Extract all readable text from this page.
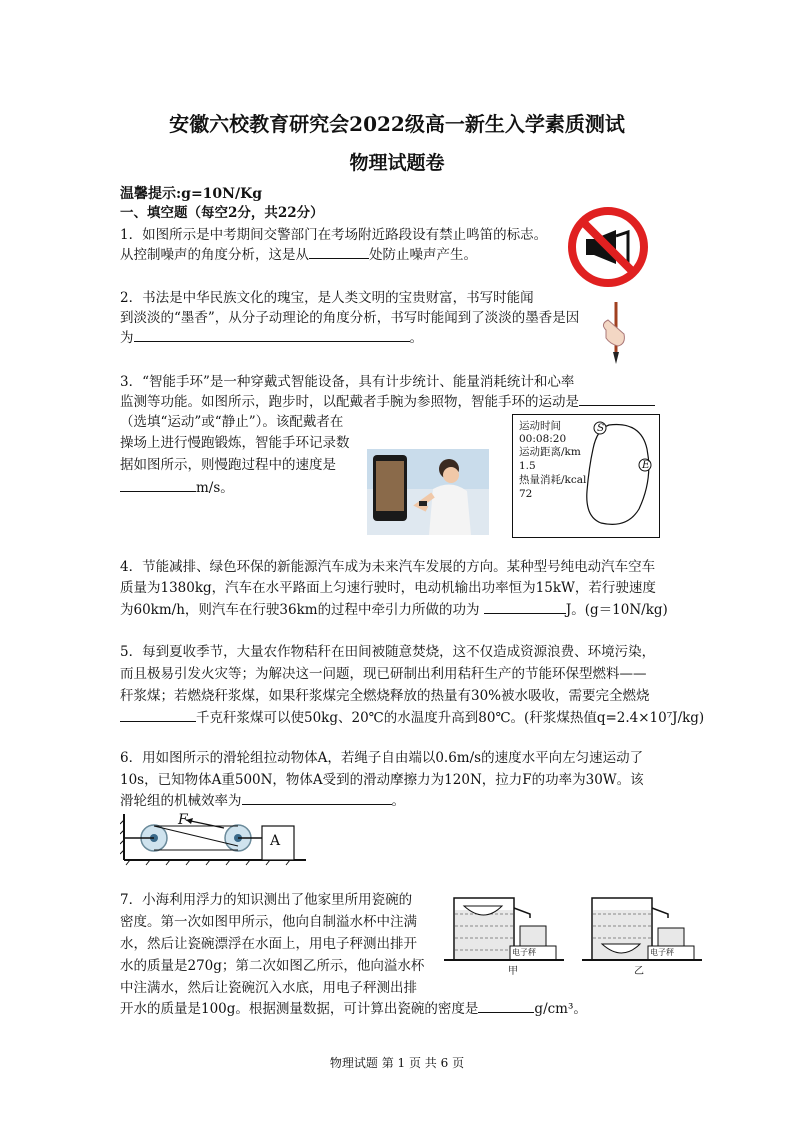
安徽六校教育研究会2022级高一新生入学素质测试
物理试题卷
温馨提示:g=10N/Kg
一、填空题（每空2分，共22分）
1．如图所示是中考期间交警部门在考场附近路段设有禁止鸣笛的标志。
从控制噪声的角度分析，这是从	处防止噪声产生。
2．书法是中华民族文化的瑰宝，是人类文明的宝贵财富，书写时能闻
到淡淡的“墨香”，从分子动理论的角度分析，书写时能闻到了淡淡的墨香是因
为	。
3．“智能手环”是一种穿戴式智能设备，具有计步统计、能量消耗统计和心率
监测等功能。如图所示，跑步时，以配戴者手腕为参照物，智能手环的运动是
（选填“运动”或“静止”）。该配戴者在
操场上进行慢跑锻炼，智能手环记录数
据如图所示，则慢跑过程中的速度是
m/s。
运动时间
00:08:20
运动距离/km
1.5
热量消耗/kcal
72
S
E
4．节能减排、绿色环保的新能源汽车成为未来汽车发展的方向。某种型号纯电动汽车空车
质量为1380kg，汽车在水平路面上匀速行驶时，电动机输出功率恒为15kW，若行驶速度
为60km/h，则汽车在行驶36km的过程中牵引力所做的功为	J。(g＝10N/kg)
5．每到夏收季节，大量农作物秸秆在田间被随意焚烧，这不仅造成资源浪费、环境污染，
而且极易引发火灾等；为解决这一问题，现已研制出利用秸秆生产的节能环保型燃料——
秆浆煤；若燃烧秆浆煤，如果秆浆煤完全燃烧释放的热量有30%被水吸收，需要完全燃烧
千克秆浆煤可以使50kg、20℃的水温度升高到80℃。(秆浆煤热值q=2.4×10⁷J/kg)
6．用如图所示的滑轮组拉动物体A，若绳子自由端以0.6m/s的速度水平向左匀速运动了
10s，已知物体A重500N，物体A受到的滑动摩擦力为120N，拉力F的功率为30W。该
滑轮组的机械效率为	。
F
A
7．小海利用浮力的知识测出了他家里所用瓷碗的
密度。第一次如图甲所示，他向自制溢水杯中注满
水，然后让瓷碗漂浮在水面上，用电子秤测出排开
水的质量是270g；第二次如图乙所示，他向溢水杯
中注满水，然后让瓷碗沉入水底，用电子秤测出排
开水的质量是100g。根据测量数据，可计算出瓷碗的密度是	g/cm³。
电子秤	电子秤
甲	乙
物理试题 第 1 页 共 6 页
